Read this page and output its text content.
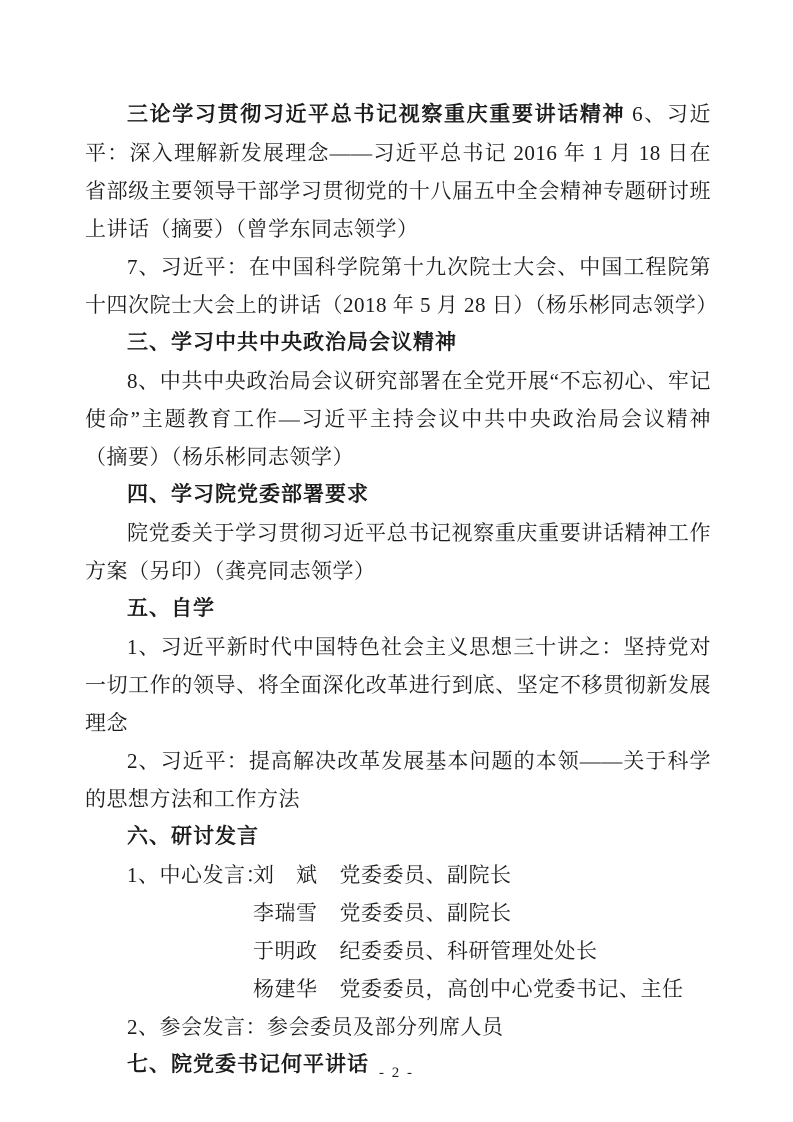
三论学习贯彻习近平总书记视察重庆重要讲话精神 6、习近平：深入理解新发展理念——习近平总书记 2016 年 1 月 18 日在省部级主要领导干部学习贯彻党的十八届五中全会精神专题研讨班上讲话（摘要）（曾学东同志领学）

7、习近平：在中国科学院第十九次院士大会、中国工程院第十四次院士大会上的讲话（2018 年 5 月 28 日）（杨乐彬同志领学）

三、学习中共中央政治局会议精神

8、中共中央政治局会议研究部署在全党开展“不忘初心、牢记使命”主题教育工作—习近平主持会议中共中央政治局会议精神（摘要）（杨乐彬同志领学）

四、学习院党委部署要求

院党委关于学习贯彻习近平总书记视察重庆重要讲话精神工作方案（另印）（龚亮同志领学）

五、自学

1、习近平新时代中国特色社会主义思想三十讲之：坚持党对一切工作的领导、将全面深化改革进行到底、坚定不移贯彻新发展理念

2、习近平：提高解决改革发展基本问题的本领——关于科学的思想方法和工作方法

六、研讨发言

1、中心发言：
刘　斌 党委委员、副院长

李瑞雪 党委委员、副院长

于明政 纪委委员、科研管理处处长

杨建华 党委委员，高创中心党委书记、主任

2、参会发言：参会委员及部分列席人员

七、院党委书记何平讲话 - 2 -
